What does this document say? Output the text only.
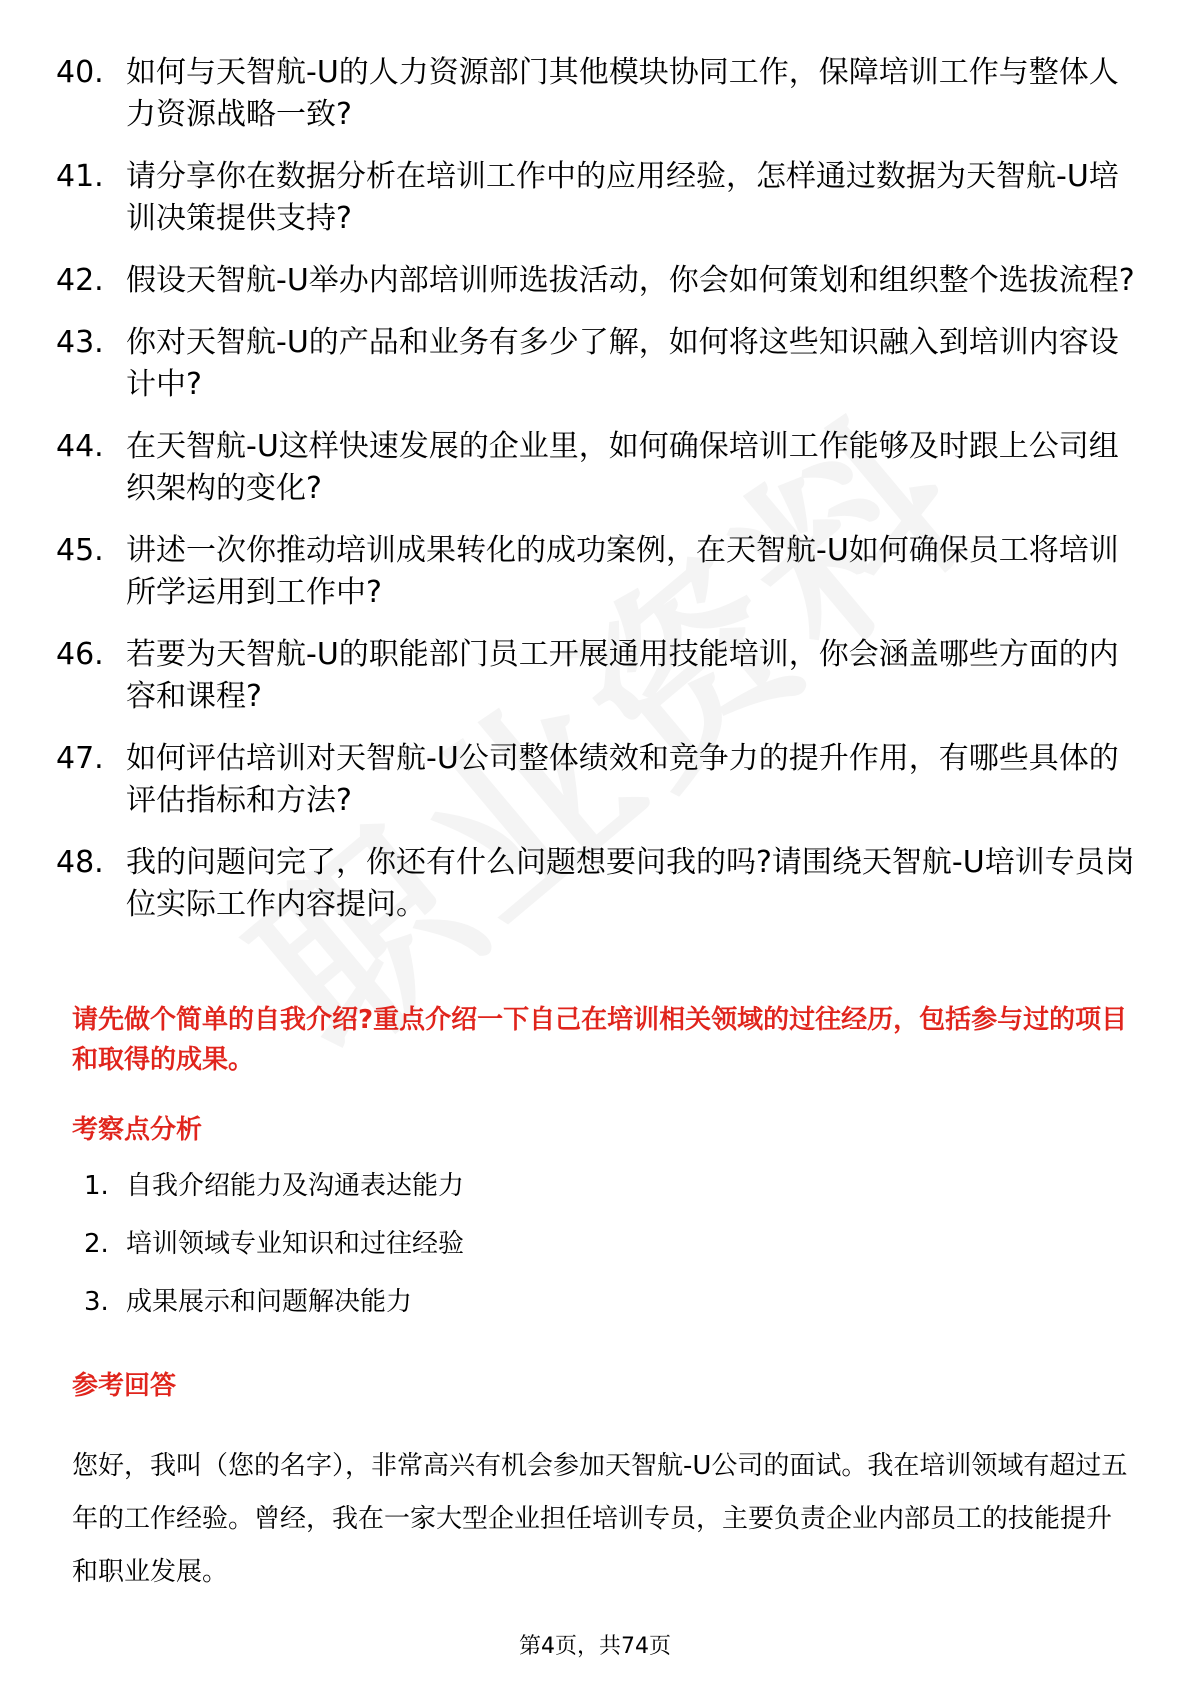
40. 如何与天智航-U的人力资源部门其他模块协同工作，保障培训工作与整体人力资源战略一致?
41. 请分享你在数据分析在培训工作中的应用经验，怎样通过数据为天智航-U培训决策提供支持?
42. 假设天智航-U举办内部培训师选拔活动，你会如何策划和组织整个选拔流程?
43. 你对天智航-U的产品和业务有多少了解，如何将这些知识融入到培训内容设计中?
44. 在天智航-U这样快速发展的企业里，如何确保培训工作能够及时跟上公司组织架构的变化?
45. 讲述一次你推动培训成果转化的成功案例，在天智航-U如何确保员工将培训所学运用到工作中?
46. 若要为天智航-U的职能部门员工开展通用技能培训，你会涵盖哪些方面的内容和课程?
47. 如何评估培训对天智航-U公司整体绩效和竞争力的提升作用，有哪些具体的评估指标和方法?
48. 我的问题问完了，你还有什么问题想要问我的吗?请围绕天智航-U培训专员岗位实际工作内容提问。
请先做个简单的自我介绍?重点介绍一下自己在培训相关领域的过往经历，包括参与过的项目和取得的成果。
考察点分析
1. 自我介绍能力及沟通表达能力
2. 培训领域专业知识和过往经验
3. 成果展示和问题解决能力
参考回答
您好，我叫（您的名字），非常高兴有机会参加天智航-U公司的面试。我在培训领域有超过五年的工作经验。曾经，我在一家大型企业担任培训专员，主要负责企业内部员工的技能提升和职业发展。
第4页，共74页
